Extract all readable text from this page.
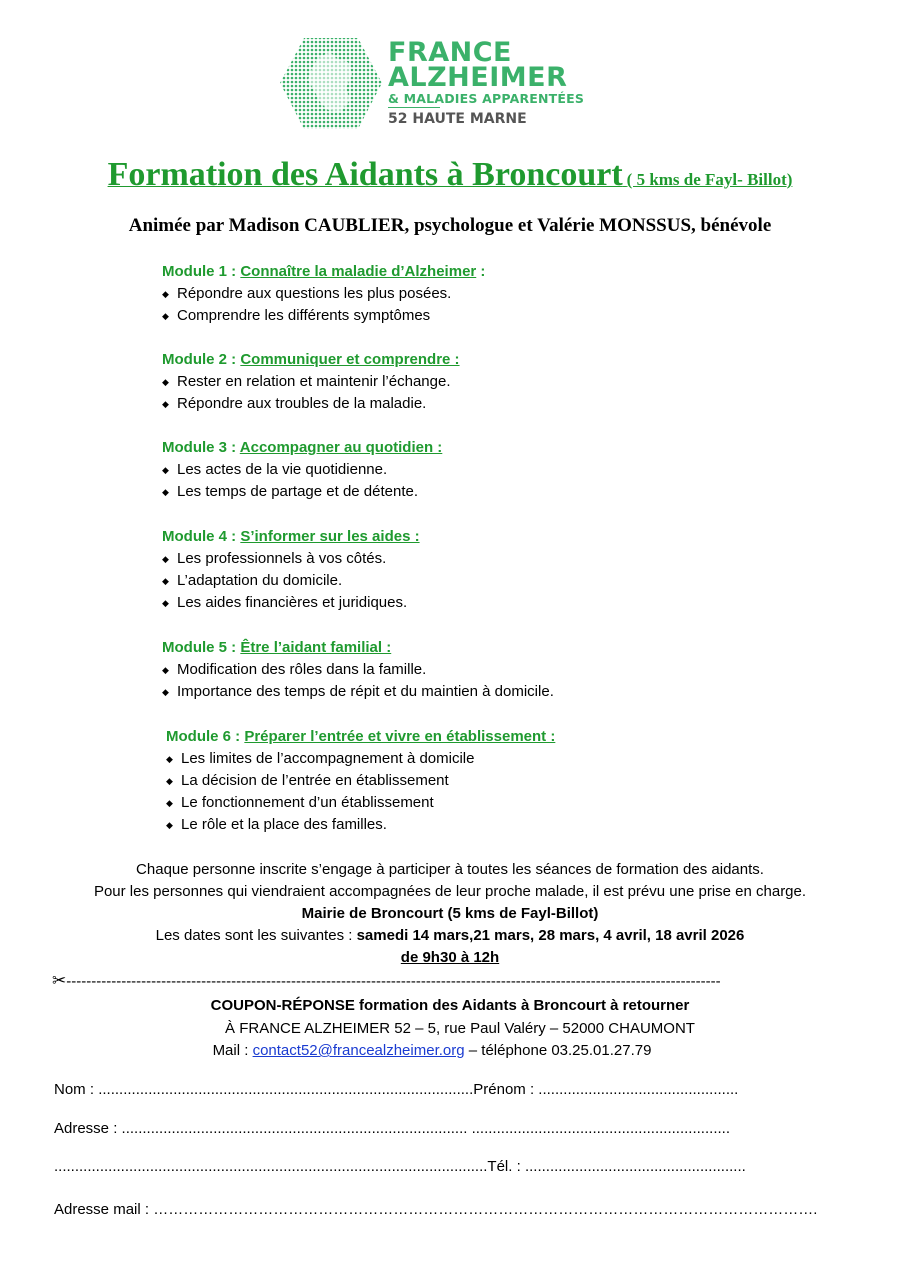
FRANCE
ALZHEIMER
& MALADIES APPARENTÉES
52 HAUTE MARNE
Formation des Aidants à Broncourt ( 5 kms de Fayl- Billot)
Animée par Madison CAUBLIER, psychologue et Valérie MONSSUS, bénévole
Module 1 : Connaître la maladie d’Alzheimer :
◆ Répondre aux questions les plus posées.
◆ Comprendre les différents symptômes
Module 2 : Communiquer et comprendre :
◆ Rester en relation et maintenir l’échange.
◆ Répondre aux troubles de la maladie.
Module 3 : Accompagner au quotidien :
◆ Les actes de la vie quotidienne.
◆ Les temps de partage et de détente.
Module 4 : S’informer sur les aides :
◆ Les professionnels à vos côtés.
◆ L’adaptation du domicile.
◆ Les aides financières et juridiques.
Module 5 : Être l’aidant familial :
◆ Modification des rôles dans la famille.
◆ Importance des temps de répit et du maintien à domicile.
Module 6 : Préparer l’entrée et vivre en établissement :
◆ Les limites de l’accompagnement à domicile
◆ La décision de l’entrée en établissement
◆ Le fonctionnement d’un établissement
◆ Le rôle et la place des familles.
Chaque personne inscrite s’engage à participer à toutes les séances de formation des aidants.
Pour les personnes qui viendraient accompagnées de leur proche malade, il est prévu une prise en charge.
Mairie de Broncourt (5 kms de Fayl-Billot)
Les dates sont les suivantes : samedi 14 mars,21 mars, 28 mars, 4 avril, 18 avril 2026
de 9h30 à 12h
✂-----------------------------------------------------------------------------------------------------------------------------------
COUPON-RÉPONSE formation des Aidants à Broncourt à retourner
À FRANCE ALZHEIMER 52 – 5, rue Paul Valéry – 52000 CHAUMONT
Mail : contact52@francealzheimer.org – téléphone 03.25.01.27.79
Nom : ..........................................................................................Prénom : ................................................
Adresse : ................................................................................... ..............................................................
........................................................................................................Tél. : .....................................................
Adresse mail : …………………………………………………………………………………………………………………….
